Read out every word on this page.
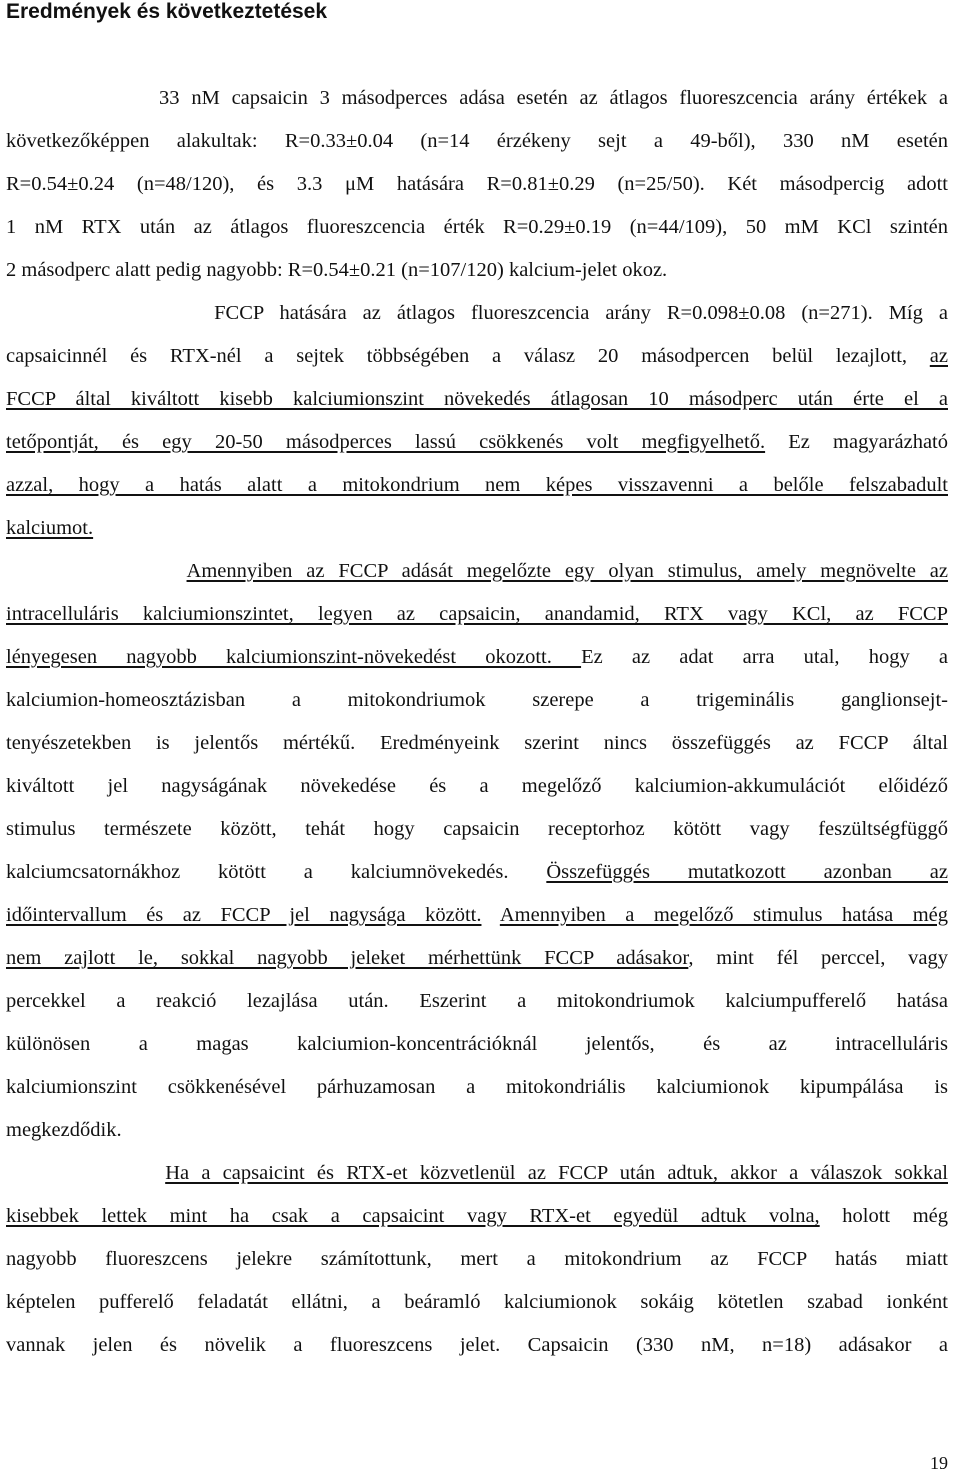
Eredmények és következtetések
33 nM capsaicin 3 másodperces adása esetén az átlagos fluoreszcencia arány értékek a
következőképpen alakultak: R=0.33±0.04 (n=14 érzékeny sejt a 49-ből), 330 nM esetén
R=0.54±0.24 (n=48/120), és 3.3 μM hatására R=0.81±0.29 (n=25/50). Két másodpercig adott
1 nM RTX után az átlagos fluoreszcencia érték R=0.29±0.19 (n=44/109), 50 mM KCl szintén
2 másodperc alatt pedig nagyobb: R=0.54±0.21 (n=107/120) kalcium-jelet okoz.
FCCP hatására az átlagos fluoreszcencia arány R=0.098±0.08 (n=271). Míg a
capsaicinnél és RTX-nél a sejtek többségében a válasz 20 másodpercen belül lezajlott, az
FCCP által kiváltott kisebb kalciumionszint növekedés átlagosan 10 másodperc után érte el a
tetőpontját, és egy 20-50 másodperces lassú csökkenés volt megfigyelhető. Ez magyarázható
azzal, hogy a hatás alatt a mitokondrium nem képes visszavenni a belőle felszabadult
kalciumot.
Amennyiben az FCCP adását megelőzte egy olyan stimulus, amely megnövelte az
intracelluláris kalciumionszintet, legyen az capsaicin, anandamid, RTX vagy KCl, az FCCP
lényegesen nagyobb kalciumionszint-növekedést okozott. Ez az adat arra utal, hogy a
kalciumion-homeosztázisban a mitokondriumok szerepe a trigeminális ganglionsejt-
tenyészetekben is jelentős mértékű. Eredményeink szerint nincs összefüggés az FCCP által
kiváltott jel nagyságának növekedése és a megelőző kalciumion-akkumulációt előidéző
stimulus természete között, tehát hogy capsaicin receptorhoz kötött vagy feszültségfüggő
kalciumcsatornákhoz kötött a kalciumnövekedés. Összefüggés mutatkozott azonban az
időintervallum és az FCCP jel nagysága között. Amennyiben a megelőző stimulus hatása még
nem zajlott le, sokkal nagyobb jeleket mérhettünk FCCP adásakor, mint fél perccel, vagy
percekkel a reakció lezajlása után. Eszerint a mitokondriumok kalciumpufferelő hatása
különösen a magas kalciumion-koncentrációknál jelentős, és az intracelluláris
kalciumionszint csökkenésével párhuzamosan a mitokondriális kalciumionok kipumpálása is
megkezdődik.
Ha a capsaicint és RTX-et közvetlenül az FCCP után adtuk, akkor a válaszok sokkal
kisebbek lettek mint ha csak a capsaicint vagy RTX-et egyedül adtuk volna, holott még
nagyobb fluoreszcens jelekre számítottunk, mert a mitokondrium az FCCP hatás miatt
képtelen pufferelő feladatát ellátni, a beáramló kalciumionok sokáig kötetlen szabad ionként
vannak jelen és növelik a fluoreszcens jelet. Capsaicin (330 nM, n=18) adásakor a
19
